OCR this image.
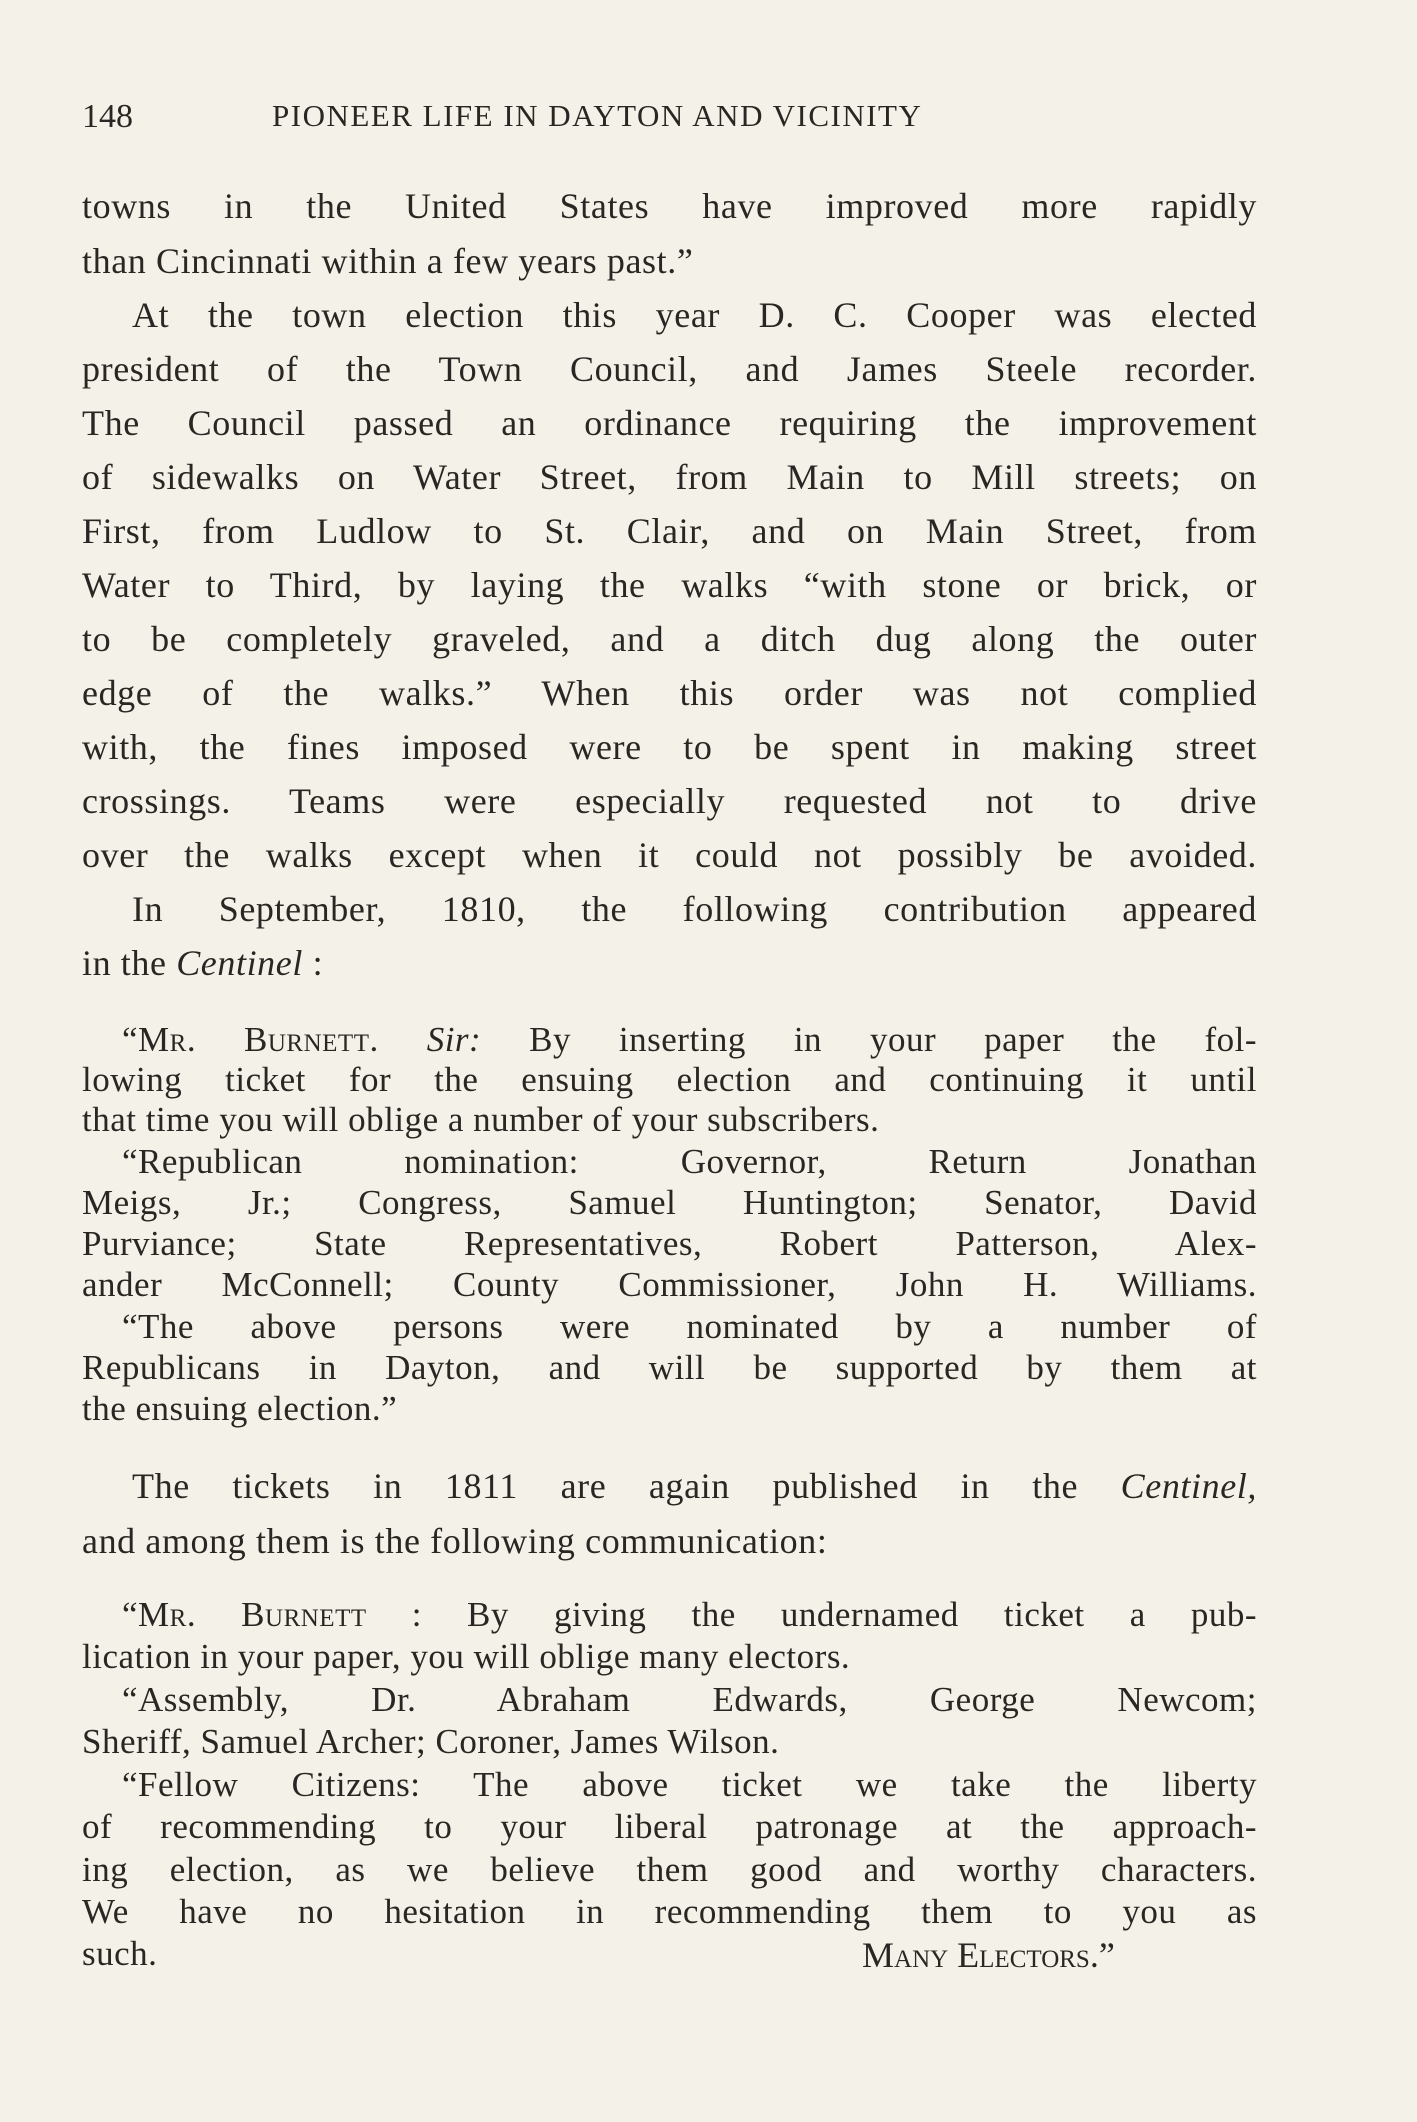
148	PIONEER LIFE IN DAYTON AND VICINITY
towns in the United States have improved more rapidly
than Cincinnati within a few years past.”
At the town election this year D. C. Cooper was elected
president of the Town Council, and James Steele recorder.
The Council passed an ordinance requiring the improvement
of sidewalks on Water Street, from Main to Mill streets; on
First, from Ludlow to St. Clair, and on Main Street, from
Water to Third, by laying the walks “with stone or brick, or
to be completely graveled, and a ditch dug along the outer
edge of the walks.” When this order was not complied
with, the fines imposed were to be spent in making street
crossings. Teams were especially requested not to drive
over the walks except when it could not possibly be avoided.
In September, 1810, the following contribution appeared
in the Centinel :
“Mr. Burnett. Sir: By inserting in your paper the fol-
lowing ticket for the ensuing election and continuing it until
that time you will oblige a number of your subscribers.
“Republican nomination: Governor, Return Jonathan
Meigs, Jr.; Congress, Samuel Huntington; Senator, David
Purviance; State Representatives, Robert Patterson, Alex-
ander McConnell; County Commissioner, John H. Williams.
“The above persons were nominated by a number of
Republicans in Dayton, and will be supported by them at
the ensuing election.”
The tickets in 1811 are again published in the Centinel,
and among them is the following communication:
“Mr. Burnett : By giving the undernamed ticket a pub-
lication in your paper, you will oblige many electors.
“Assembly, Dr. Abraham Edwards, George Newcom;
Sheriff, Samuel Archer; Coroner, James Wilson.
“Fellow Citizens: The above ticket we take the liberty
of recommending to your liberal patronage at the approach-
ing election, as we believe them good and worthy characters.
We have no hesitation in recommending them to you as
such.	Many Electors.”
